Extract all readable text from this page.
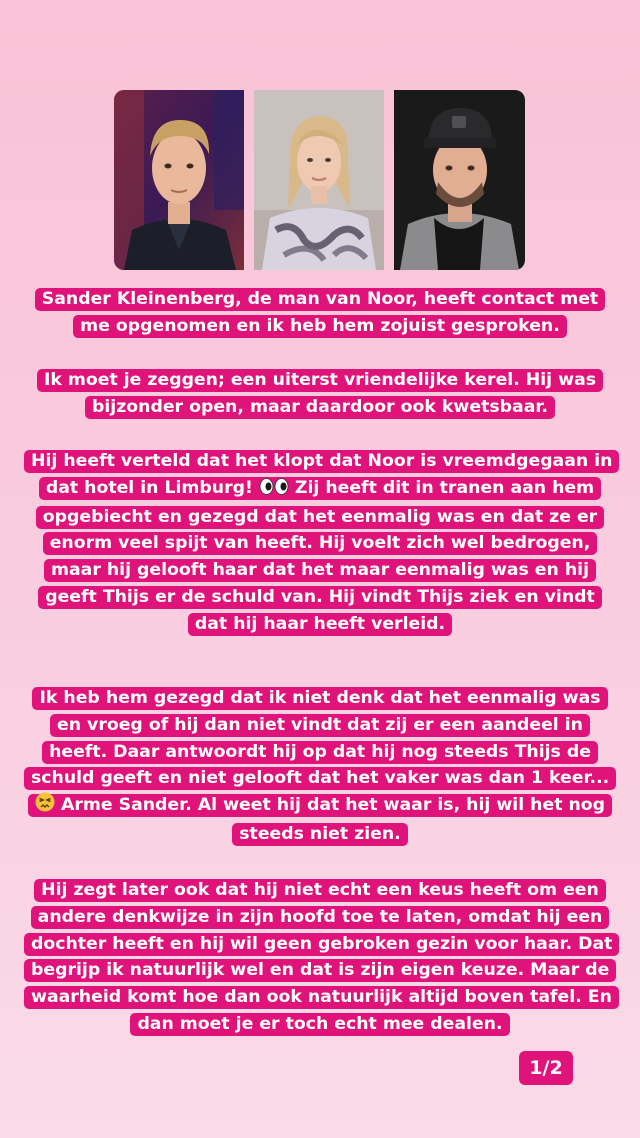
Sander Kleinenberg, de man van Noor, heeft contact met me opgenomen en ik heb hem zojuist gesproken.

Ik moet je zeggen; een uiterst vriendelijke kerel. Hij was bijzonder open, maar daardoor ook kwetsbaar.

Hij heeft verteld dat het klopt dat Noor is vreemdgegaan in dat hotel in Limburg!  Zij heeft dit in tranen aan hem opgebiecht en gezegd dat het eenmalig was en dat ze er enorm veel spijt van heeft. Hij voelt zich wel bedrogen, maar hij gelooft haar dat het maar eenmalig was en hij geeft Thijs er de schuld van. Hij vindt Thijs ziek en vindt dat hij haar heeft verleid.

Ik heb hem gezegd dat ik niet denk dat het eenmalig was en vroeg of hij dan niet vindt dat zij er een aandeel in heeft. Daar antwoordt hij op dat hij nog steeds Thijs de schuld geeft en niet gelooft dat het vaker was dan 1 keer...  Arme Sander. Al weet hij dat het waar is, hij wil het nog steeds niet zien.

Hij zegt later ook dat hij niet echt een keus heeft om een andere denkwijze in zijn hoofd toe te laten, omdat hij een dochter heeft en hij wil geen gebroken gezin voor haar. Dat begrijp ik natuurlijk wel en dat is zijn eigen keuze. Maar de waarheid komt hoe dan ook natuurlijk altijd boven tafel. En dan moet je er toch echt mee dealen.

1/2
